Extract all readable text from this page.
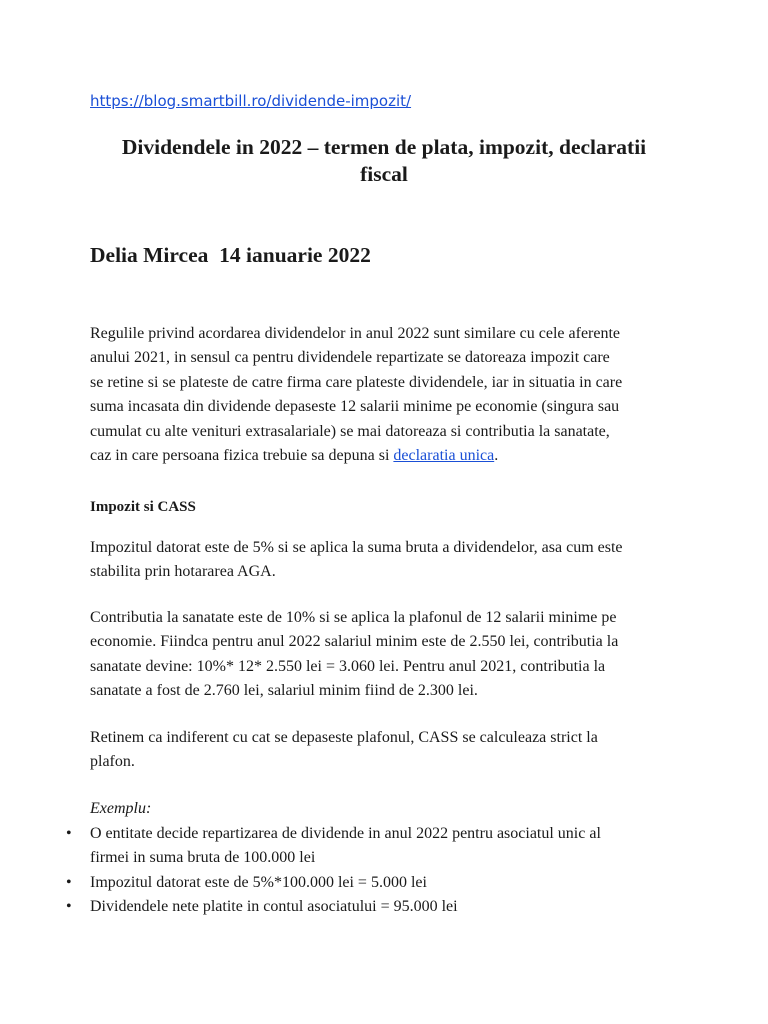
https://blog.smartbill.ro/dividende-impozit/
Dividendele in 2022 – termen de plata, impozit, declaratii
fiscal
Delia Mircea  14 ianuarie 2022

Regulile privind acordarea dividendelor in anul 2022 sunt similare cu cele aferente
anului 2021, in sensul ca pentru dividendele repartizate se datoreaza impozit care
se retine si se plateste de catre firma care plateste dividendele, iar in situatia in care
suma incasata din dividende depaseste 12 salarii minime pe economie (singura sau
cumulat cu alte venituri extrasalariale) se mai datoreaza si contributia la sanatate,
caz in care persoana fizica trebuie sa depuna si declaratia unica.

Impozit si CASS

Impozitul datorat este de 5% si se aplica la suma bruta a dividendelor, asa cum este
stabilita prin hotararea AGA.

Contributia la sanatate este de 10% si se aplica la plafonul de 12 salarii minime pe
economie. Fiindca pentru anul 2022 salariul minim este de 2.550 lei, contributia la
sanatate devine: 10%* 12* 2.550 lei = 3.060 lei. Pentru anul 2021, contributia la
sanatate a fost de 2.760 lei, salariul minim fiind de 2.300 lei.

Retinem ca indiferent cu cat se depaseste plafonul, CASS se calculeaza strict la
plafon.

Exemplu:

•	O entitate decide repartizarea de dividende in anul 2022 pentru asociatul unic al
firmei in suma bruta de 100.000 lei
•	Impozitul datorat este de 5%*100.000 lei = 5.000 lei
•	Dividendele nete platite in contul asociatului = 95.000 lei
